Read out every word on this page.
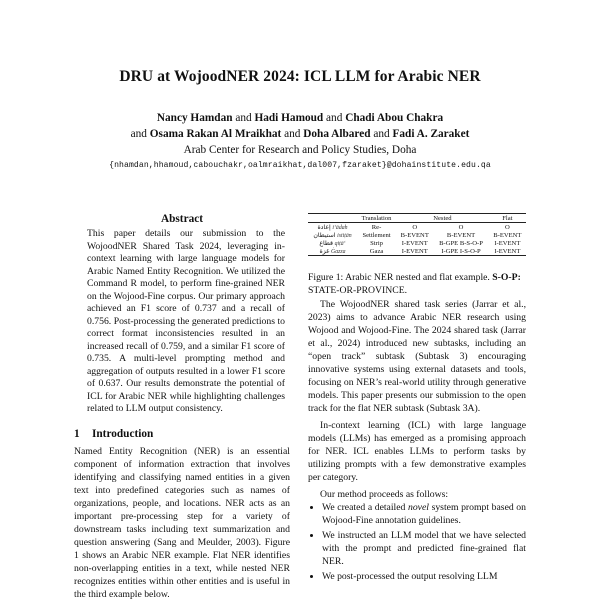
DRU at WojoodNER 2024: ICL LLM for Arabic NER
Nancy Hamdan and Hadi Hamoud and Chadi Abou Chakra
and Osama Rakan Al Mraikhat and Doha Albared and Fadi A. Zaraket
Arab Center for Research and Policy Studies, Doha
{nhamdan,hhamoud,cabouchakr,oalmraikhat,dal007,fzaraket}@dohainstitute.edu.qa
Abstract
This paper details our submission to the WojoodNER Shared Task 2024, leveraging in-context learning with large language models for Arabic Named Entity Recognition. We utilized the Command R model, to perform fine-grained NER on the Wojood-Fine corpus. Our primary approach achieved an F1 score of 0.737 and a recall of 0.756. Post-processing the generated predictions to correct format inconsistencies resulted in an increased recall of 0.759, and a similar F1 score of 0.735. A multi-level prompting method and aggregation of outputs resulted in a lower F1 score of 0.637. Our results demonstrate the potential of ICL for Arabic NER while highlighting challenges related to LLM output consistency.
1 Introduction
Named Entity Recognition (NER) is an essential component of information extraction that involves identifying and classifying named entities in a given text into predefined categories such as names of organizations, people, and locations. NER acts as an important pre-processing step for a variety of downstream tasks including text summarization and question answering (Sang and Meulder, 2003). Figure 1 shows an Arabic NER example. Flat NER identifies non-overlapping entities in a text, while nested NER recognizes entities within other entities and is useful in the third example below.
	Translation	Nested		Flat

إعادة i‘ādah	Re-	O	O	O
استيطان istiṭān	Settlement	B-EVENT	B-EVENT	B-EVENT
قطاع qiṭā‘	Strip	I-EVENT	B-GPE B-S-O-P	I-EVENT
غزة Ġazza	Gaza	I-EVENT	I-GPE I-S-O-P	I-EVENT
Figure 1: Arabic NER nested and flat example. S-O-P: STATE-OR-PROVINCE.

The WojoodNER shared task series (Jarrar et al., 2023) aims to advance Arabic NER research using Wojood and Wojood-Fine. The 2024 shared task (Jarrar et al., 2024) introduced new subtasks, including an “open track” subtask (Subtask 3) encouraging innovative systems using external datasets and tools, focusing on NER’s real-world utility through generative models. This paper presents our submission to the open track for the flat NER subtask (Subtask 3A).

In-context learning (ICL) with large language models (LLMs) has emerged as a promising approach for NER. ICL enables LLMs to perform tasks by utilizing prompts with a few demonstrative examples per category.

Our method proceeds as follows:

• We created a detailed novel system prompt based on Wojood-Fine annotation guidelines.
• We instructed an LLM model that we have selected with the prompt and predicted fine-grained flat NER.
• We post-processed the output resolving LLM
